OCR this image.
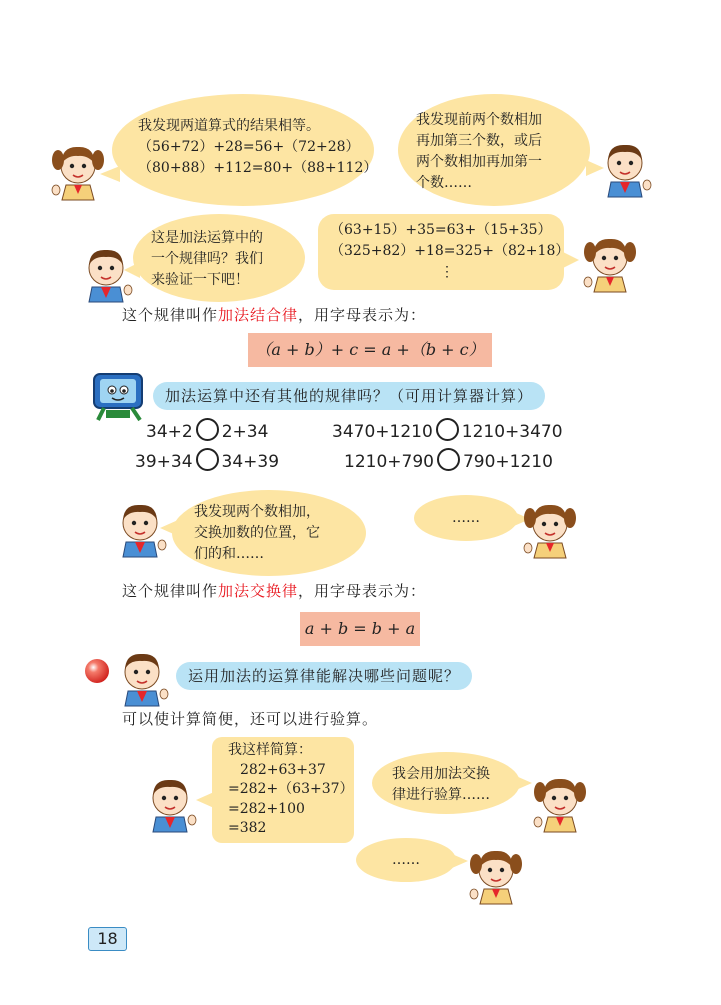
我发现两道算式的结果相等。
（56+72）+28=56+（72+28）
（80+88）+112=80+（88+112）
我发现前两个数相加
再加第三个数，或后
两个数相加再加第一
个数……
这是加法运算中的
一个规律吗？我们
来验证一下吧！
（63+15）+35=63+（15+35）
（325+82）+18=325+（82+18）
⋮
这个规律叫作加法结合律，用字母表示为：
（a + b）+ c = a +（b + c）
加法运算中还有其他的规律吗？（可用计算器计算）
34+2 2+34	3470+1210 1210+3470
39+34 34+39	1210+790 790+1210
我发现两个数相加，
交换加数的位置，它
们的和……
……
这个规律叫作加法交换律，用字母表示为：
a + b = b + a
运用加法的运算律能解决哪些问题呢？
可以使计算简便，还可以进行验算。
我这样简算：
282+63+37
=282+（63+37）
=282+100
=382
我会用加法交换
律进行验算……
……
18
